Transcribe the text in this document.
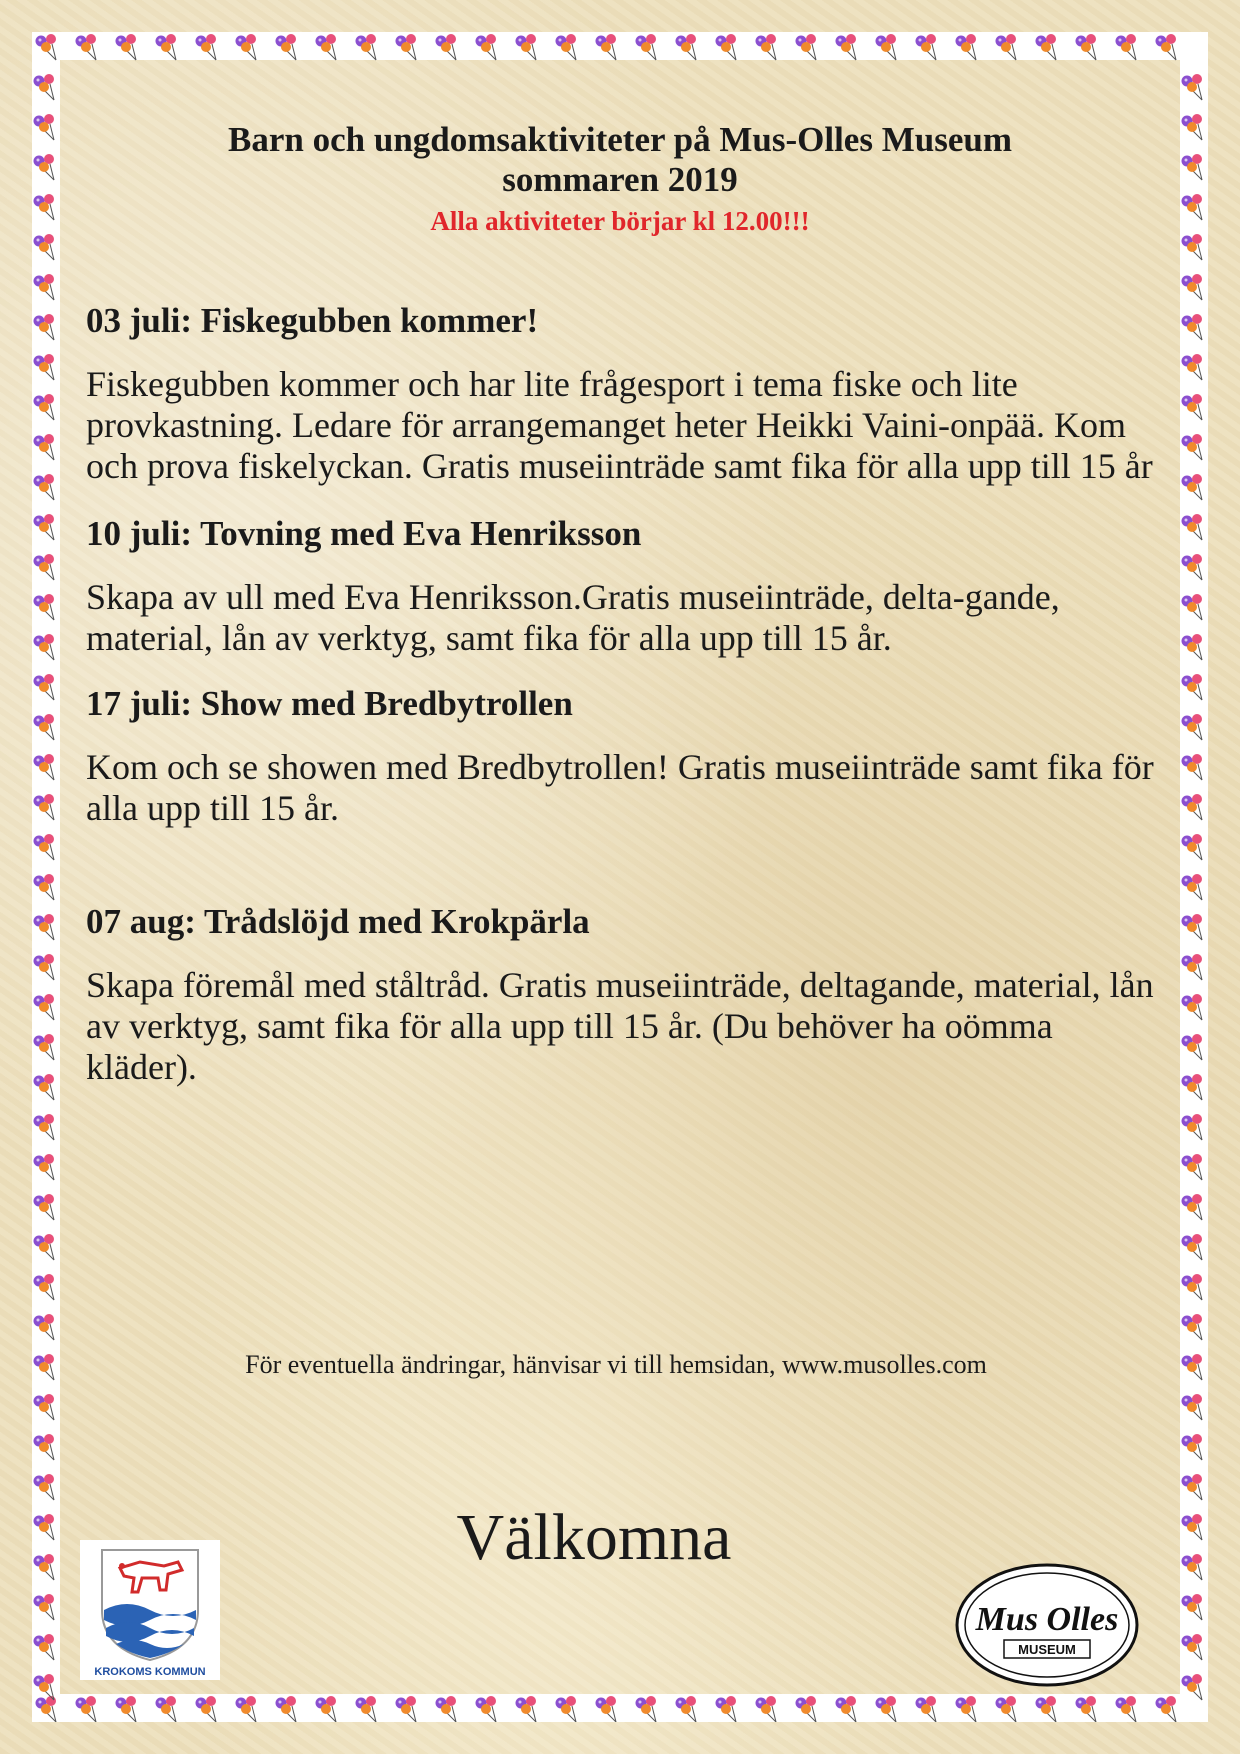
Barn och ungdomsaktiviteter på Mus-Olles Museum
sommaren 2019
Alla aktiviteter börjar kl 12.00!!!
03 juli: Fiskegubben kommer!

Fiskegubben kommer och har lite frågesport i tema fiske och lite provkastning. Ledare för arrangemanget heter Heikki Vaini-onpää. Kom och prova fiskelyckan. Gratis museiinträde samt fika för alla upp till 15 år

10 juli: Tovning med Eva Henriksson

Skapa av ull med Eva Henriksson.Gratis museiinträde, delta-gande, material, lån av verktyg, samt fika för alla upp till 15 år.

17 juli: Show med Bredbytrollen

Kom och se showen med Bredbytrollen! Gratis museiinträde samt fika för alla upp till 15 år.

07 aug: Trådslöjd med Krokpärla

Skapa föremål med ståltråd. Gratis museiinträde, deltagande, material, lån av verktyg, samt fika för alla upp till 15 år. (Du behöver ha oömma kläder).

För eventuella ändringar, hänvisar vi till hemsidan, www.musolles.com
Välkomna
KROKOMS KOMMUN
Mus Olles
MUSEUM
